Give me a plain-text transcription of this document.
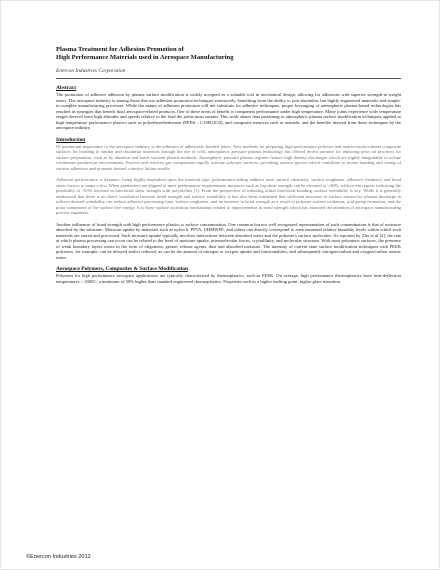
Plasma Treatment for Adhesion Promotion of
High Performance Materials used in Aerospace Manufacturing
Enercon Industries Corporation
Abstract
The promotion of adhesive adhesion by plasma surface modification is widely accepted as a valuable tool in mechanical design, allowing for adhesions with superior strength-to-weight ratios. The aerospace industry is among those that use adhesion promotion techniques extensively, benefiting from the ability to join dissimilar, but highly engineered materials and simple-to-complex manufacturing processes. While the nature of adhesion promotion will not substitute for adhesive techniques, proper leveraging of atmospheric plasma-based technologies has resulted in synergies that benefit final aerospace-related products. One of these areas of benefit is component performance under high temperature. Many joints experience wide temperature ranges derived from high altitudes and speeds relative to the load the joints must sustain. This work shares data pertaining to atmospheric plasma surface modification techniques applied to high temperature performance plastics such as polyetheretherketone (PEEK - C19H12O3), and composite matrices such as aramids, and the benefits derived from these techniques by the aerospace industry.
Introduction
Of paramount importance to the aerospace industry is the adhesion of adhesively-bonded joints. New methods for preparing high performance polymer and matrix/reinforcement composite surfaces for bonding to similar and dissimilar materials through the use of cold, atmospheric pressure plasma technology has offered recent promise for replacing prior art practices for surface preparation, such as by abrasion and hutch vacuum plasma methods. Atmospheric pressure plasma regimes feature high density discharges which are highly integratable to in-line continuous production environments. Process and reactive gas components rapidly activate polymer surfaces, providing surface species which contribute to secure bonding and curing of various adhesives and promote desired cohesive failure results.
Adhesion performance is dynamic, being highly dependent upon the material type, performance-aiding additive load, surface chemistry, surface roughness, adhesive chemistry and bond stress factors to name a few. When parameters are aligned to meet performance requirements, measures such as lap shear strength can be elevated to >40%, with recent reports indicating the possibility of >65% increase in interfacial shear strength with polyolefins [1]. From the perspective of initiating initial interfacial bonding, surface wettability is key. While it is generally understood that there is no direct correlation between bond strength and surface wettability, it has also been confirmed that sufficient increases in surface tension by plasma discharge to achieve desired wettability can reduce adhesive processing time, surface roughness, and an increase in bond strength as a result of polymer surface oxidation, acid group formation, and the polar component of the surface free energy. It is these surface activation mechanisms related to improvements in bond strength which has attracted the attention of aerospace manufacturing process engineers.
Another influencer of bond strength with high performance plastics is surface contamination. One common but not well recognized representation of such contamination is that of moisture absorbed by the substrate. Moisture uptake by materials such as nylon 6, PPTA, UHMWPE, and others can directly correspond to environmental relative humidity levels within which such materials are stored and processed. Such moisture uptake typically involves interactions between absorbed water and the polymer's surface molecules. As reported by Zhu et al [2], the rate at which plasma processing can occur can be related to the level of moisture uptake, intermolecular forces, crystallinity, and molecular structure. With most polymeric surfaces, the presence of weak boundary layers exists in the form of oligomers, grease, release agents, dust and absorbed moisture. The intensity of current state surface modification techniques with PEEK polymers, for example, can be delayed and/or reduced, as can be the amount of nitrogen or oxygen uptake and functionalities, and subsequently nitrogen/carbon and oxygen/carbon atomic ratios.
Aerospace Polymers, Composites & Surface Modification
Polymers for high performance aerospace applications are typically characterized by thermoplastics, such as PEEK. On average, high performance thermoplastics have heat-deflection temperatures > 2000C, a minimum of 50% higher than standard engineered thermoplastics. Properties such as a higher melting point, higher glass transition
©Enercon Industries 2012
